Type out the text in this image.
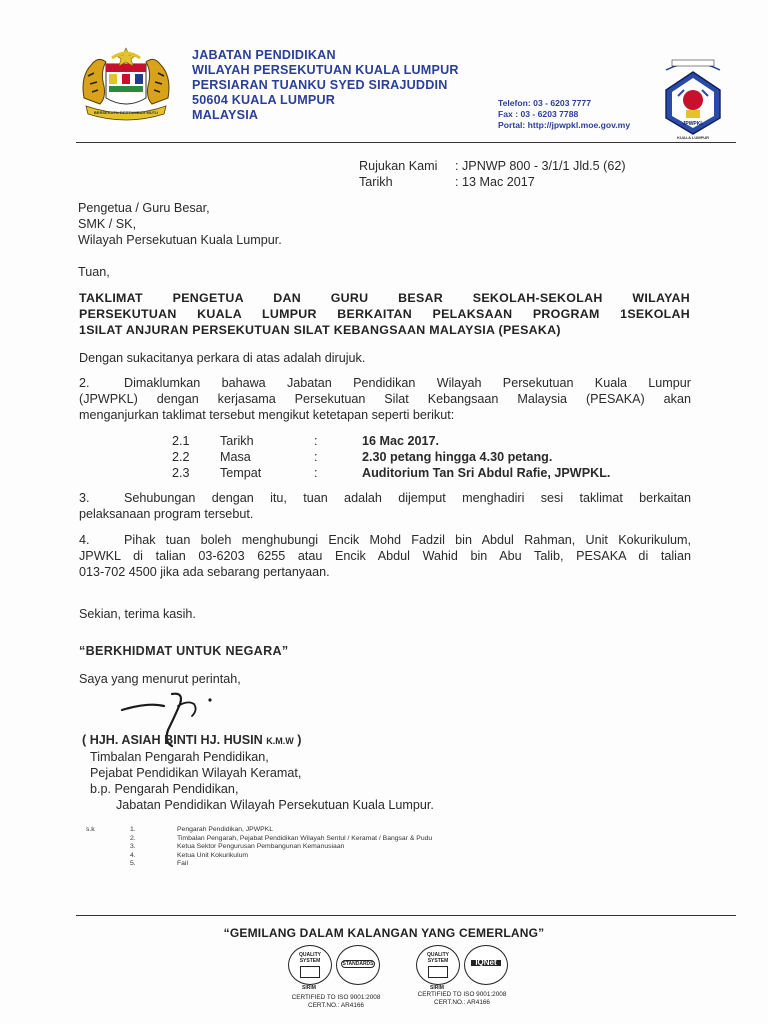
BERSEKUTU BERTAMBAH MUTU
JABATAN PENDIDIKAN
WILAYAH PERSEKUTUAN KUALA LUMPUR
PERSIARAN TUANKU SYED SIRAJUDDIN
50604 KUALA LUMPUR
MALAYSIA
Telefon: 03 - 6203 7777
Fax : 03 - 6203 7788
Portal: http://jpwpkl.moe.gov.my	JPWPKL
KUALA LUMPUR
Rujukan Kami	: JPNWP 800 - 3/1/1 Jld.5 (62)
Tarikh	: 13 Mac 2017
Pengetua / Guru Besar,
SMK / SK,
Wilayah Persekutuan Kuala Lumpur.
Tuan,
TAKLIMAT PENGETUA DAN GURU BESAR SEKOLAH-SEKOLAH WILAYAH
PERSEKUTUAN KUALA LUMPUR BERKAITAN PELAKSAAN PROGRAM 1SEKOLAH
1SILAT ANJURAN PERSEKUTUAN SILAT KEBANGSAAN MALAYSIA (PESAKA)
Dengan sukacitanya perkara di atas adalah dirujuk.
2.	Dimaklumkan bahawa Jabatan Pendidikan Wilayah Persekutuan Kuala Lumpur
(JPWPKL) dengan kerjasama Persekutuan Silat Kebangsaan Malaysia (PESAKA) akan
menganjurkan taklimat tersebut mengikut ketetapan seperti berikut:
2.1	Tarikh	:	16 Mac 2017.
2.2	Masa	:	2.30 petang hingga 4.30 petang.
2.3	Tempat	:	Auditorium Tan Sri Abdul Rafie, JPWPKL.
3.	Sehubungan dengan itu, tuan adalah dijemput menghadiri sesi taklimat berkaitan
pelaksanaan program tersebut.
4.	Pihak tuan boleh menghubungi Encik Mohd Fadzil bin Abdul Rahman, Unit Kokurikulum,
JPWKL di talian 03-6203 6255 atau Encik Abdul Wahid bin Abu Talib, PESAKA di talian
013-702 4500 jika ada sebarang pertanyaan.
Sekian, terima kasih.
“BERKHIDMAT UNTUK NEGARA”
Saya yang menurut perintah,
( HJH. ASIAH BINTI HJ. HUSIN K.M.W )
Timbalan Pengarah Pendidikan,
Pejabat Pendidikan Wilayah Keramat,
b.p. Pengarah Pendidikan,
Jabatan Pendidikan Wilayah Persekutuan Kuala Lumpur.
s.k	1.	Pengarah Pendidikan, JPWPKL
2.	Timbalan Pengarah, Pejabat Pendidikan Wilayah Sentul / Keramat / Bangsar & Pudu
3.	Ketua Sektor Pengurusan Pembangunan Kemanusiaan
4.	Ketua Unit Kokurikulum
5.	Fail
“GEMILANG DALAM KALANGAN YANG CEMERLANG”
QUALITY SYSTEM
SIRIM
STANDARDS
QUALITY SYSTEM
SIRIM
IQNet
CERTIFIED TO ISO 9001:2008
CERT.NO.: AR4166
CERTIFIED TO ISO 9001:2008
CERT.NO.: AR4166
